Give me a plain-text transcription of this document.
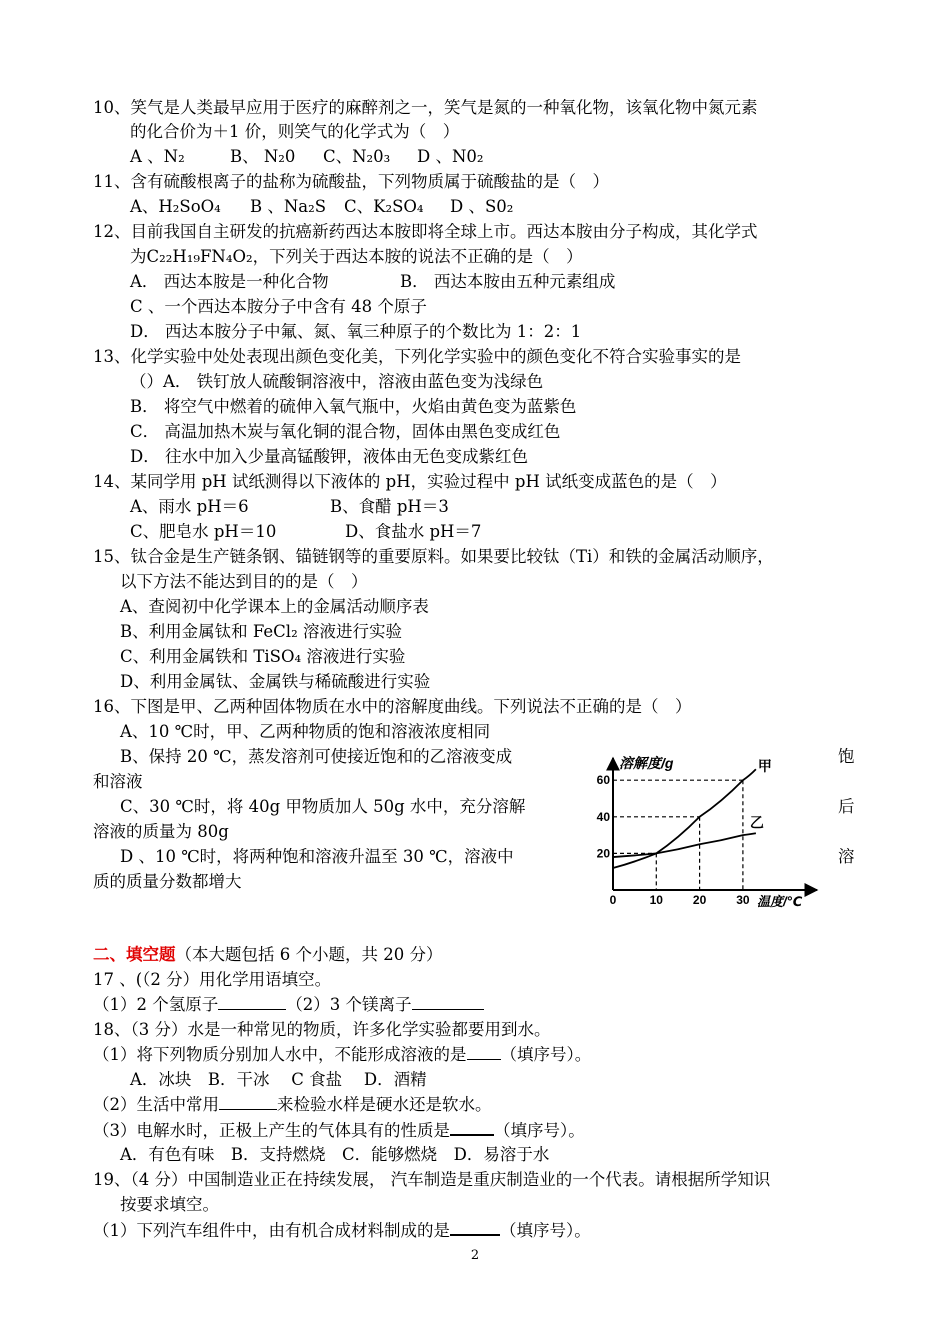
10、笑气是人类最早应用于医疗的麻醉剂之一，笑气是氮的一种氧化物，该氧化物中氮元素
的化合价为＋1 价，则笑气的化学式为（　）
A 、N₂	B、 N₂0 C、N₂0₃ D 、N0₂
11、含有硫酸根离子的盐称为硫酸盐，下列物质属于硫酸盐的是（　）
A、H₂SoO₄ B 、Na₂S C、K₂SO₄ D 、S0₂
12、目前我国自主研发的抗癌新药西达本胺即将全球上市。西达本胺由分子构成，其化学式
为C₂₂H₁₉FN₄O₂，下列关于西达本胺的说法不正确的是（　）
A． 西达本胺是一种化合物	B． 西达本胺由五种元素组成
C 、一个西达本胺分子中含有 48 个原子
D． 西达本胺分子中氟、氮、氧三种原子的个数比为 1：2：1
13、化学实验中处处表现出颜色变化美，下列化学实验中的颜色变化不符合实验事实的是
（）A． 铁钉放人硫酸铜溶液中，溶液由蓝色变为浅绿色
B． 将空气中燃着的硫伸入氧气瓶中，火焰由黄色变为蓝紫色
C． 高温加热木炭与氧化铜的混合物，固体由黑色变成红色
D． 往水中加入少量高锰酸钾，液体由无色变成紫红色
14、某同学用 pH 试纸测得以下液体的 pH，实验过程中 pH 试纸变成蓝色的是（　）
A、雨水 pH＝6	B、食醋 pH＝3
C、肥皂水 pH＝10	D、食盐水 pH＝7
15、钛合金是生产链条钢、锚链钢等的重要原料。如果要比较钛（Ti）和铁的金属活动顺序，
以下方法不能达到目的的是（　）
A、查阅初中化学课本上的金属活动顺序表
B、利用金属钛和 FeCl₂ 溶液进行实验
C、利用金属铁和 TiSO₄ 溶液进行实验
D、利用金属钛、金属铁与稀硫酸进行实验
16、下图是甲、乙两种固体物质在水中的溶解度曲线。下列说法不正确的是（　）
A、10 ℃时，甲、乙两种物质的饱和溶液浓度相同
B、保持 20 ℃，蒸发溶剂可使接近饱和的乙溶液变成	饱
和溶液
C、30 ℃时，将 40g 甲物质加人 50g 水中，充分溶解	后
溶液的质量为 80g
D 、10 ℃时，将两种饱和溶液升温至 30 ℃，溶液中	溶
质的质量分数都增大
溶解度/g
温度/℃
0	10 20 30
20
40
60
甲
乙
二、填空题（本大题包括 6 个小题，共 20 分）
17 、(（2 分）用化学用语填空。
（1）2 个氢原子	（2）3 个镁离子
18、（3 分）水是一种常见的物质，许多化学实验都要用到水。
（1）将下列物质分别加人水中，不能形成溶液的是 （填序号）。
A．冰块　B．干冰　 C 食盐　 D．酒精
（2）生活中常用	来检验水样是硬水还是软水。
（3）电解水时，正极上产生的气体具有的性质是	（填序号）。
A．有色有味　B．支持燃烧　C．能够燃烧　D．易溶于水
19、（4 分）中国制造业正在持续发展， 汽车制造是重庆制造业的一个代表。请根据所学知识
按要求填空。
（1）下列汽车组件中，由有机合成材料制成的是	（填序号）。
2
